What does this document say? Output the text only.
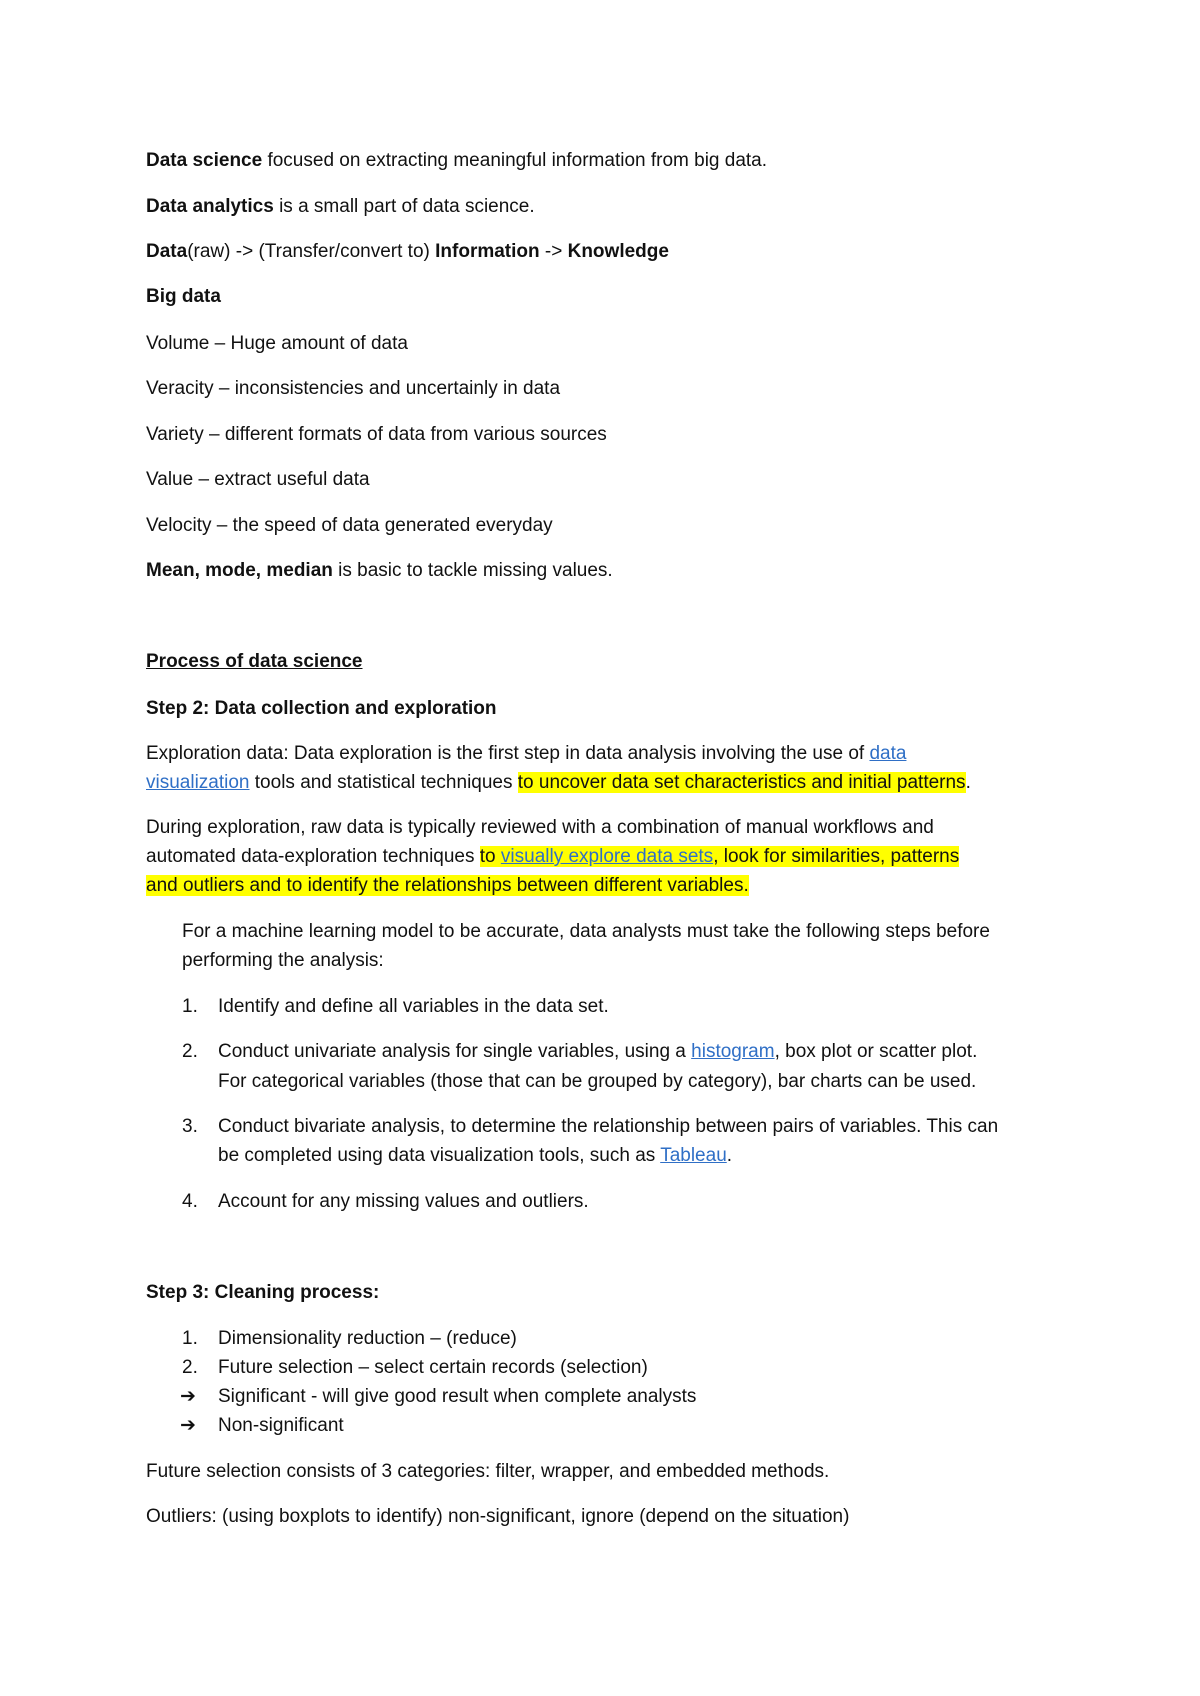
Data science focused on extracting meaningful information from big data.

Data analytics is a small part of data science.

Data(raw) -> (Transfer/convert to) Information -> Knowledge

Big data

Volume – Huge amount of data

Veracity – inconsistencies and uncertainly in data

Variety – different formats of data from various sources

Value – extract useful data

Velocity – the speed of data generated everyday

Mean, mode, median is basic to tackle missing values.

Process of data science

Step 2: Data collection and exploration

Exploration data: Data exploration is the first step in data analysis involving the use of data

visualization tools and statistical techniques to uncover data set characteristics and initial patterns.

During exploration, raw data is typically reviewed with a combination of manual workflows and

automated data-exploration techniques to visually explore data sets, look for similarities, patterns

and outliers and to identify the relationships between different variables.

For a machine learning model to be accurate, data analysts must take the following steps before

performing the analysis:

1. Identify and define all variables in the data set.

2. Conduct univariate analysis for single variables, using a histogram, box plot or scatter plot.

For categorical variables (those that can be grouped by category), bar charts can be used.

3. Conduct bivariate analysis, to determine the relationship between pairs of variables. This can

be completed using data visualization tools, such as Tableau.

4. Account for any missing values and outliers.

Step 3: Cleaning process:

1. Dimensionality reduction – (reduce)

2. Future selection – select certain records (selection)

➔ Significant - will give good result when complete analysts

➔ Non-significant

Future selection consists of 3 categories: filter, wrapper, and embedded methods.

Outliers: (using boxplots to identify) non-significant, ignore (depend on the situation)
